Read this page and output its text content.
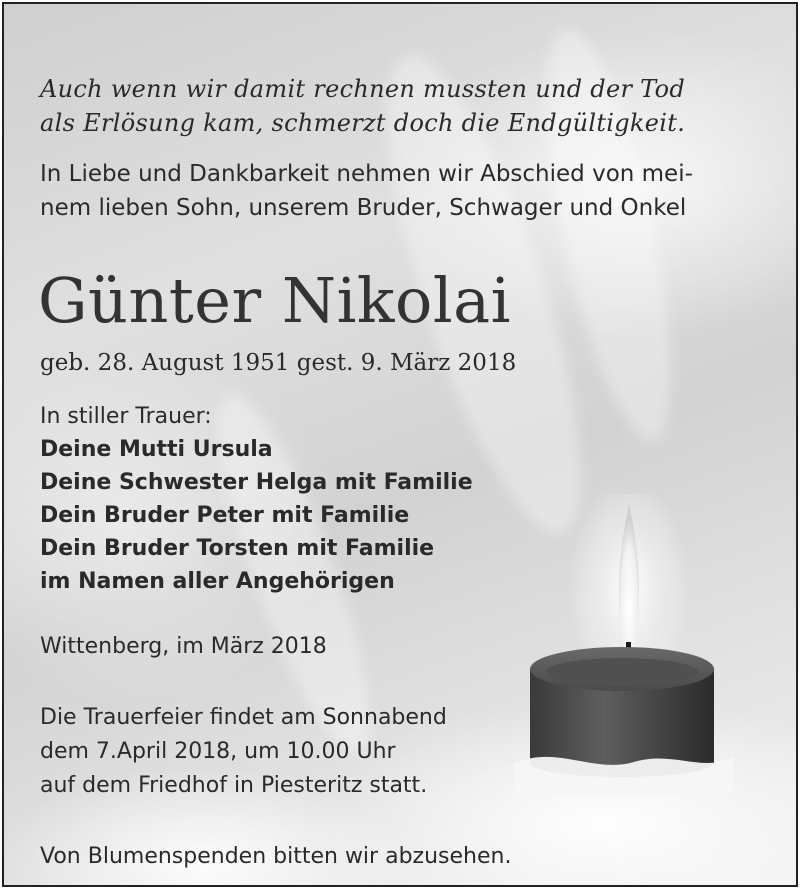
Auch wenn wir damit rechnen mussten und der Tod
als Erlösung kam, schmerzt doch die Endgültigkeit.
In Liebe und Dankbarkeit nehmen wir Abschied von mei-
nem lieben Sohn, unserem Bruder, Schwager und Onkel
Günter Nikolai
geb. 28. August 1951 gest. 9. März 2018
In stiller Trauer:
Deine Mutti Ursula
Deine Schwester Helga mit Familie
Dein Bruder Peter mit Familie
Dein Bruder Torsten mit Familie
im Namen aller Angehörigen
Wittenberg, im März 2018
Die Trauerfeier findet am Sonnabend
dem 7.April 2018, um 10.00 Uhr
auf dem Friedhof in Piesteritz statt.
Von Blumenspenden bitten wir abzusehen.
